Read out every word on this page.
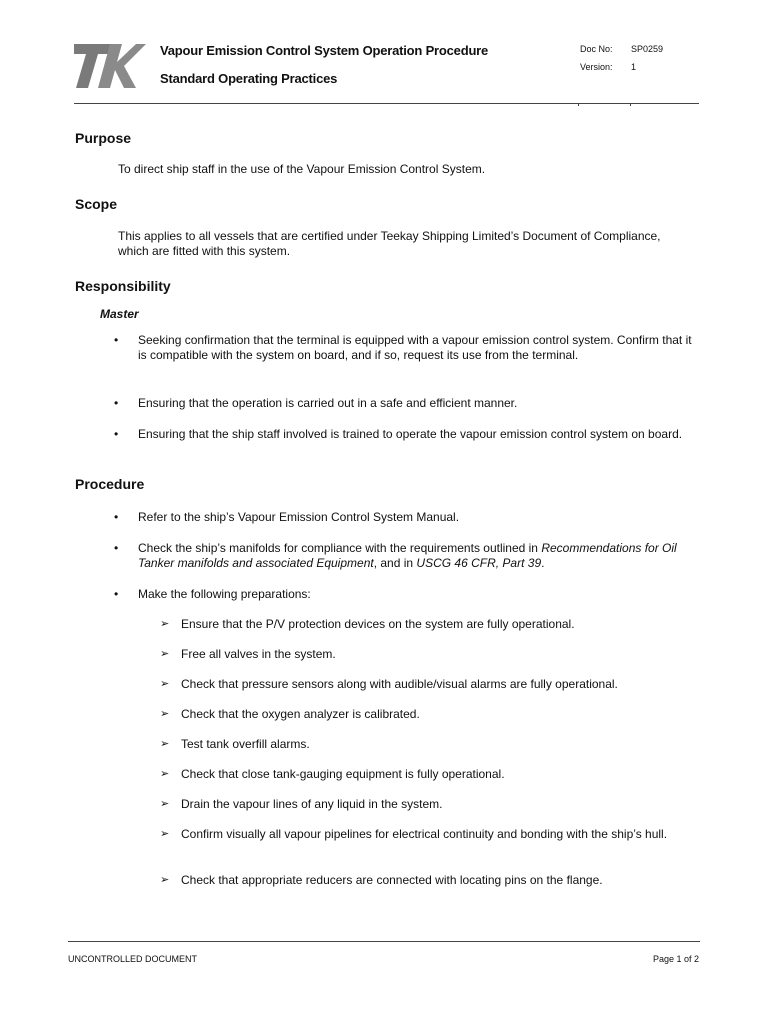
Vapour Emission Control System Operation Procedure
Standard Operating Practices
Doc No: SP0259
Version: 1
Purpose
To direct ship staff in the use of the Vapour Emission Control System.
Scope
This applies to all vessels that are certified under Teekay Shipping Limited’s Document of Compliance, which are fitted with this system.
Responsibility
Master
•	Seeking confirmation that the terminal is equipped with a vapour emission control system. Confirm that it is compatible with the system on board, and if so, request its use from the terminal.
•	Ensuring that the operation is carried out in a safe and efficient manner.
•	Ensuring that the ship staff involved is trained to operate the vapour emission control system on board.
Procedure
•	Refer to the ship’s Vapour Emission Control System Manual.
•	Check the ship’s manifolds for compliance with the requirements outlined in Recommendations for Oil Tanker manifolds and associated Equipment, and in USCG 46 CFR, Part 39.
•	Make the following preparations:
➢ Ensure that the P/V protection devices on the system are fully operational.
➢ Free all valves in the system.
➢ Check that pressure sensors along with audible/visual alarms are fully operational.
➢ Check that the oxygen analyzer is calibrated.
➢ Test tank overfill alarms.
➢ Check that close tank-gauging equipment is fully operational.
➢ Drain the vapour lines of any liquid in the system.
➢ Confirm visually all vapour pipelines for electrical continuity and bonding with the ship’s hull.
➢ Check that appropriate reducers are connected with locating pins on the flange.
UNCONTROLLED DOCUMENT	Page 1 of 2
